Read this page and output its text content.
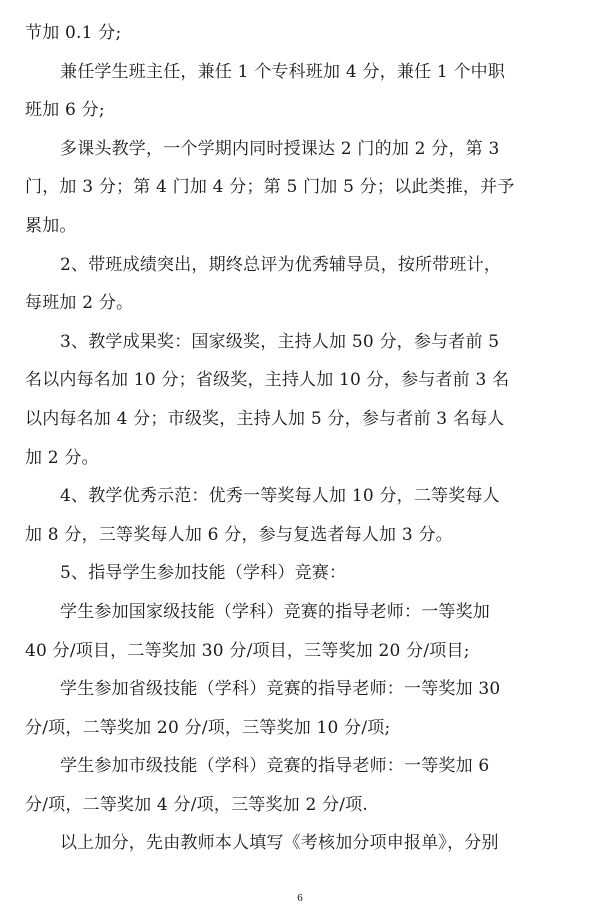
节加 0.1 分;
兼任学生班主任，兼任 1 个专科班加 4 分，兼任 1 个中职
班加 6 分;
多课头教学，一个学期内同时授课达 2 门的加 2 分，第 3
门，加 3 分；第 4 门加 4 分；第 5 门加 5 分；以此类推，并予
累加。
2、带班成绩突出，期终总评为优秀辅导员，按所带班计，
每班加 2 分。
3、教学成果奖：国家级奖，主持人加 50 分，参与者前 5
名以内每名加 10 分；省级奖，主持人加 10 分，参与者前 3 名
以内每名加 4 分；市级奖，主持人加 5 分，参与者前 3 名每人
加 2 分。
4、教学优秀示范：优秀一等奖每人加 10 分，二等奖每人
加 8 分，三等奖每人加 6 分，参与复选者每人加 3 分。
5、指导学生参加技能（学科）竞赛：
学生参加国家级技能（学科）竞赛的指导老师：一等奖加
40 分/项目，二等奖加 30 分/项目，三等奖加 20 分/项目;
学生参加省级技能（学科）竞赛的指导老师：一等奖加 30
分/项，二等奖加 20 分/项，三等奖加 10 分/项;
学生参加市级技能（学科）竞赛的指导老师：一等奖加 6
分/项，二等奖加 4 分/项，三等奖加 2 分/项.
以上加分，先由教师本人填写《考核加分项申报单》，分别
6
